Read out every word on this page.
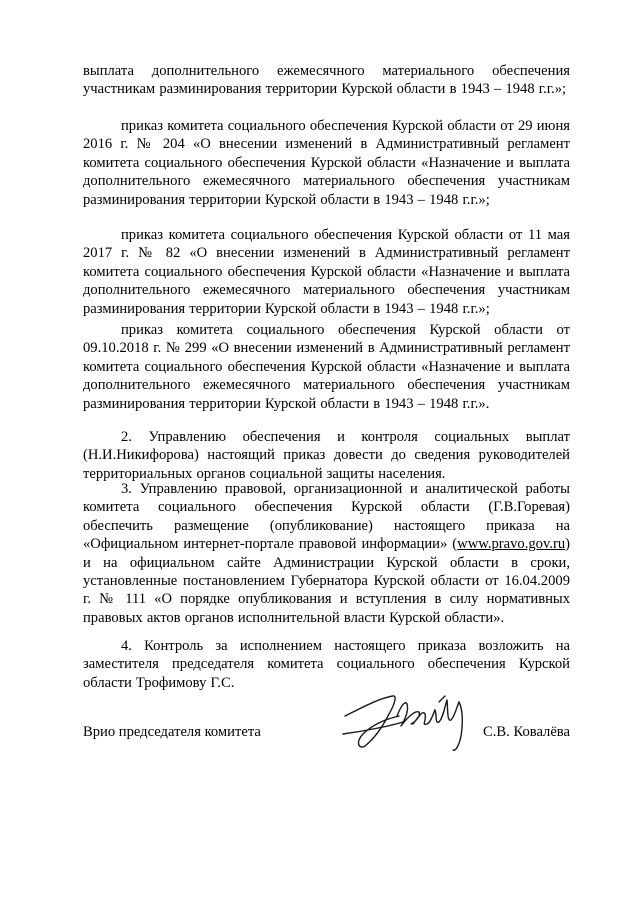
выплата дополнительного ежемесячного материального обеспечения участникам разминирования территории Курской области в 1943 – 1948 г.г.»;

приказ комитета социального обеспечения Курской области от 29 июня 2016 г. № 204 «О внесении изменений в Административный регламент комитета социального обеспечения Курской области «Назначение и выплата дополнительного ежемесячного материального обеспечения участникам разминирования территории Курской области в 1943 – 1948 г.г.»;

приказ комитета социального обеспечения Курской области от 11 мая 2017 г. № 82 «О внесении изменений в Административный регламент комитета социального обеспечения Курской области «Назначение и выплата дополнительного ежемесячного материального обеспечения участникам разминирования территории Курской области в 1943 – 1948 г.г.»;

приказ комитета социального обеспечения Курской области от 09.10.2018 г. № 299 «О внесении изменений в Административный регламент комитета социального обеспечения Курской области «Назначение и выплата дополнительного ежемесячного материального обеспечения участникам разминирования территории Курской области в 1943 – 1948 г.г.».

2. Управлению обеспечения и контроля социальных выплат (Н.И.Никифорова) настоящий приказ довести до сведения руководителей территориальных органов социальной защиты населения.

3. Управлению правовой, организационной и аналитической работы комитета социального обеспечения Курской области (Г.В.Горевая) обеспечить размещение (опубликование) настоящего приказа на «Официальном интернет-портале правовой информации» (www.pravo.gov.ru) и на официальном сайте Администрации Курской области в сроки, установленные постановлением Губернатора Курской области от 16.04.2009 г. № 111 «О порядке опубликования и вступления в силу нормативных правовых актов органов исполнительной власти Курской области».

4. Контроль за исполнением настоящего приказа возложить на заместителя председателя комитета социального обеспечения Курской области Трофимову Г.С.

Врио председателя комитета	С.В. Ковалёва
